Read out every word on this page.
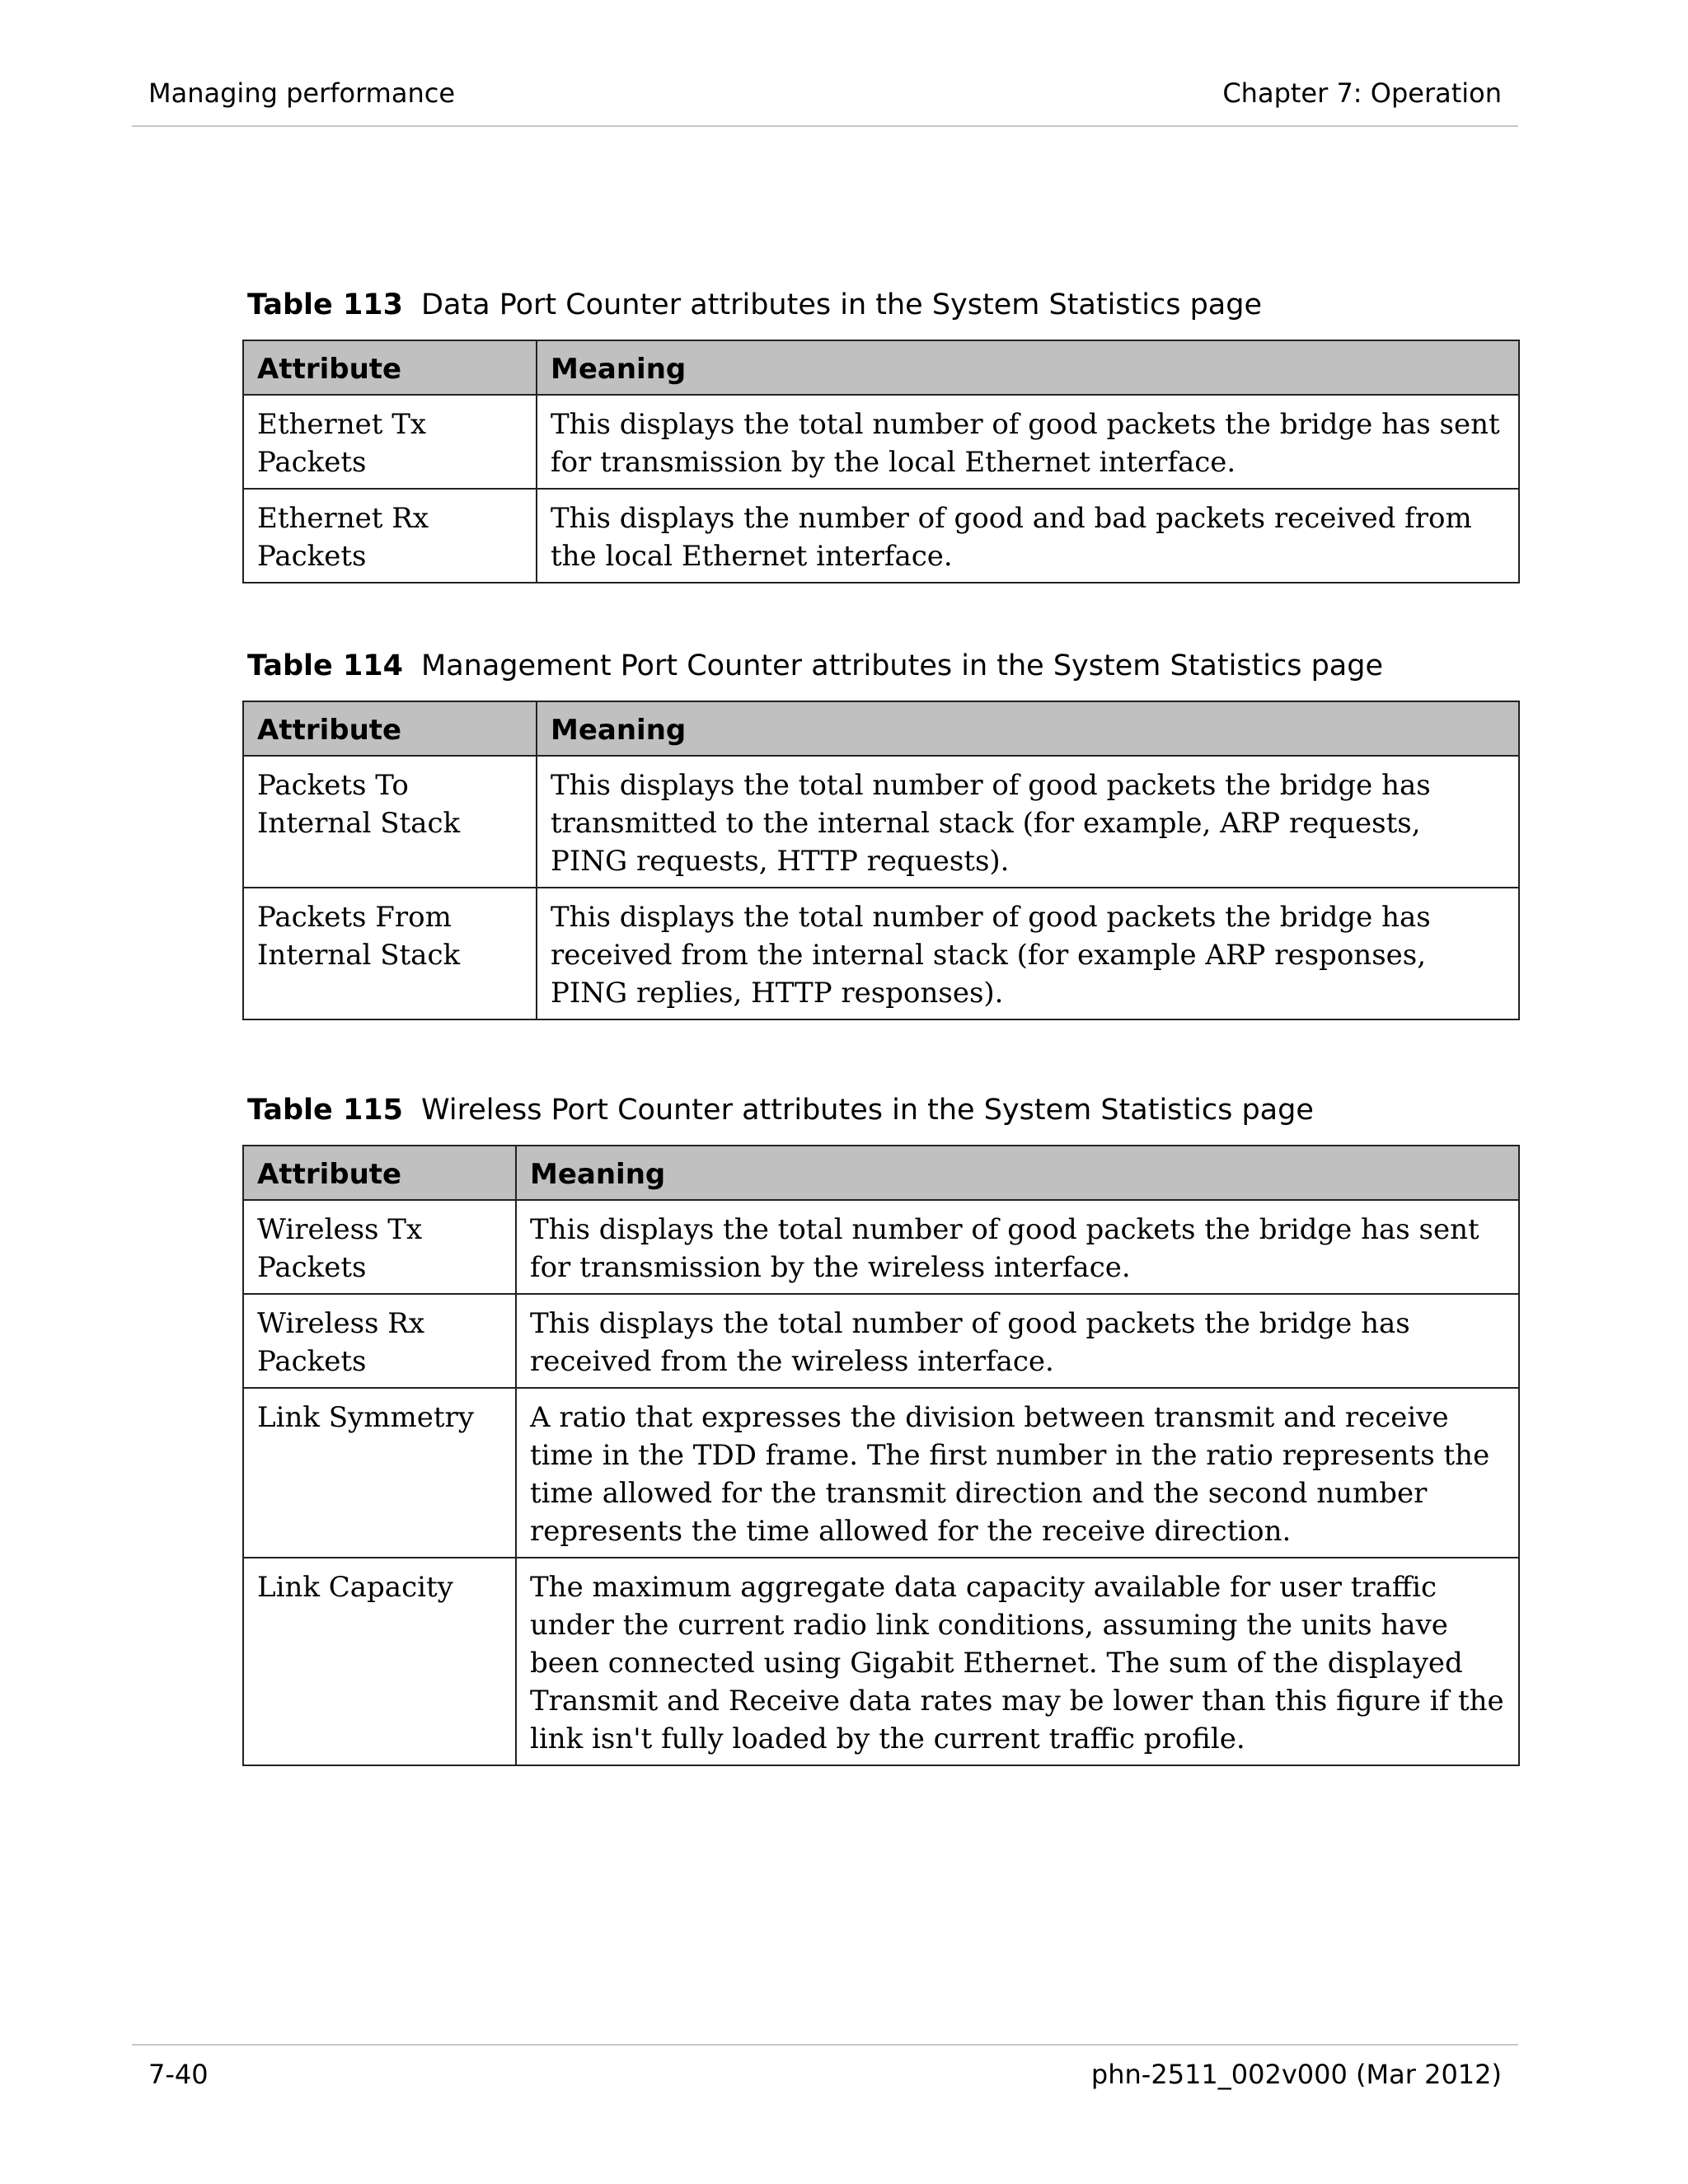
Managing performance	Chapter 7: Operation
Table 113 Data Port Counter attributes in the System Statistics page
Attribute	Meaning
Ethernet Tx Packets	This displays the total number of good packets the bridge has sent for transmission by the local Ethernet interface.
Ethernet Rx Packets	This displays the number of good and bad packets received from the local Ethernet interface.
Table 114 Management Port Counter attributes in the System Statistics page
Attribute	Meaning
Packets To Internal Stack	This displays the total number of good packets the bridge has transmitted to the internal stack (for example, ARP requests, PING requests, HTTP requests).
Packets From Internal Stack	This displays the total number of good packets the bridge has received from the internal stack (for example ARP responses, PING replies, HTTP responses).
Table 115 Wireless Port Counter attributes in the System Statistics page
Attribute	Meaning
Wireless Tx Packets	This displays the total number of good packets the bridge has sent for transmission by the wireless interface.
Wireless Rx Packets	This displays the total number of good packets the bridge has received from the wireless interface.
Link Symmetry	A ratio that expresses the division between transmit and receive time in the TDD frame. The first number in the ratio represents the time allowed for the transmit direction and the second number represents the time allowed for the receive direction.
Link Capacity	The maximum aggregate data capacity available for user traffic under the current radio link conditions, assuming the units have been connected using Gigabit Ethernet. The sum of the displayed Transmit and Receive data rates may be lower than this figure if the link isn't fully loaded by the current traffic profile.
7-40	phn-2511_002v000 (Mar 2012)
